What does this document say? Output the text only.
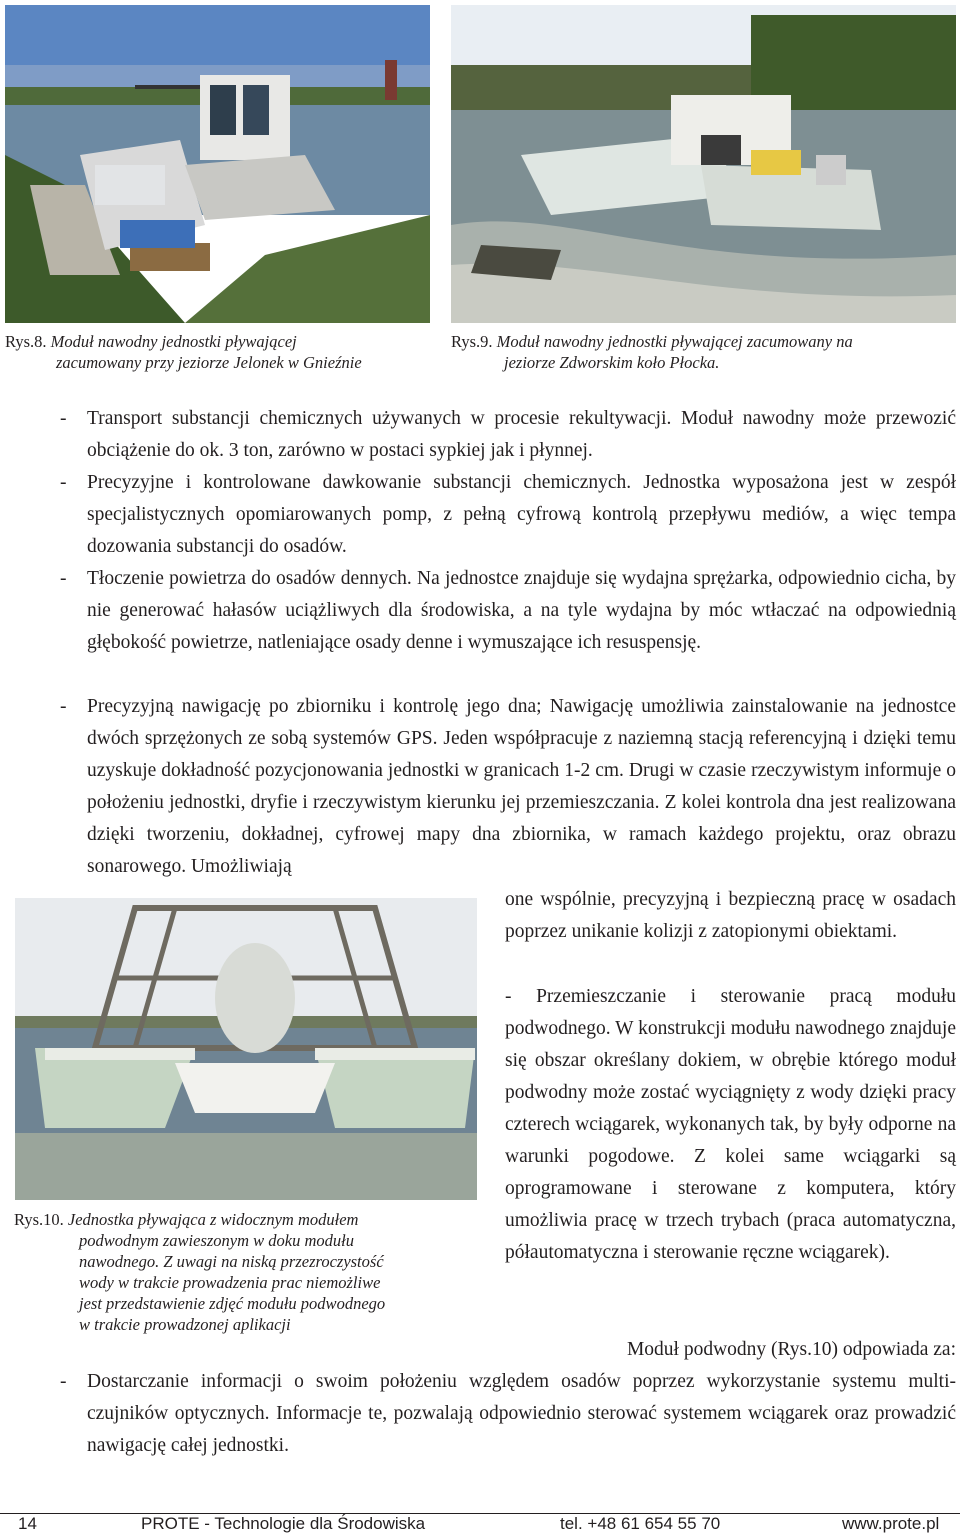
Rys.8. Moduł nawodny jednostki pływającej
zacumowany przy jeziorze Jelonek w Gnieźnie
Rys.9. Moduł nawodny jednostki pływającej zacumowany na
jeziorze Zdworskim koło Płocka.
-	Transport substancji chemicznych używanych w procesie rekultywacji. Moduł nawodny może przewozić obciążenie do ok. 3 ton, zarówno w postaci sypkiej jak i płynnej.
-	Precyzyjne i kontrolowane dawkowanie substancji chemicznych. Jednostka wyposażona jest w zespół specjalistycznych opomiarowanych pomp, z pełną cyfrową kontrolą przepływu mediów, a więc tempa dozowania substancji do osadów.
-	Tłoczenie powietrza do osadów dennych. Na jednostce znajduje się wydajna sprężarka, odpowiednio cicha, by nie generować hałasów uciążliwych dla środowiska, a na tyle wydajna by móc wtłaczać na odpowiednią głębokość powietrze, natleniające osady denne i wymuszające ich resuspensję.
-	Precyzyjną nawigację po zbiorniku i kontrolę jego dna; Nawigację umożliwia zainstalowanie na jednostce dwóch sprzężonych ze sobą systemów GPS. Jeden współpracuje z naziemną stacją referencyjną i dzięki temu uzyskuje dokładność pozycjonowania jednostki w granicach 1-2 cm. Drugi w czasie rzeczywistym informuje o położeniu jednostki, dryfie i rzeczywistym kierunku jej przemieszczania. Z kolei kontrola dna jest realizowana dzięki tworzeniu, dokładnej, cyfrowej mapy dna zbiornika, w ramach każdego projektu, oraz obrazu sonarowego. Umożliwiają
Rys.10. Jednostka pływająca z widocznym modułem
podwodnym zawieszonym w doku modułu
nawodnego. Z uwagi na niską przezroczystość
wody w trakcie prowadzenia prac niemożliwe
jest przedstawienie zdjęć modułu podwodnego
w trakcie prowadzonej aplikacji
one wspólnie, precyzyjną i bezpieczną pracę w osadach poprzez unikanie kolizji z zatopionymi obiektami.
- Przemieszczanie i sterowanie pracą modułu podwodnego. W konstrukcji modułu nawodnego znajduje się obszar określany dokiem, w obrębie którego moduł podwodny może zostać wyciągnięty z wody dzięki pracy czterech wciągarek, wykonanych tak, by były odporne na warunki pogodowe. Z kolei same wciągarki są oprogramowane i sterowane z komputera, który umożliwia pracę w trzech trybach (praca automatyczna, półautomatyczna i sterowanie ręczne wciągarek).
Moduł podwodny (Rys.10) odpowiada za:
-	Dostarczanie informacji o swoim położeniu względem osadów poprzez wykorzystanie systemu multi-czujników optycznych. Informacje te, pozwalają odpowiednio sterować systemem wciągarek oraz prowadzić nawigację całej jednostki.
14	PROTE - Technologie dla Środowiska	tel. +48 61 654 55 70	www.prote.pl
